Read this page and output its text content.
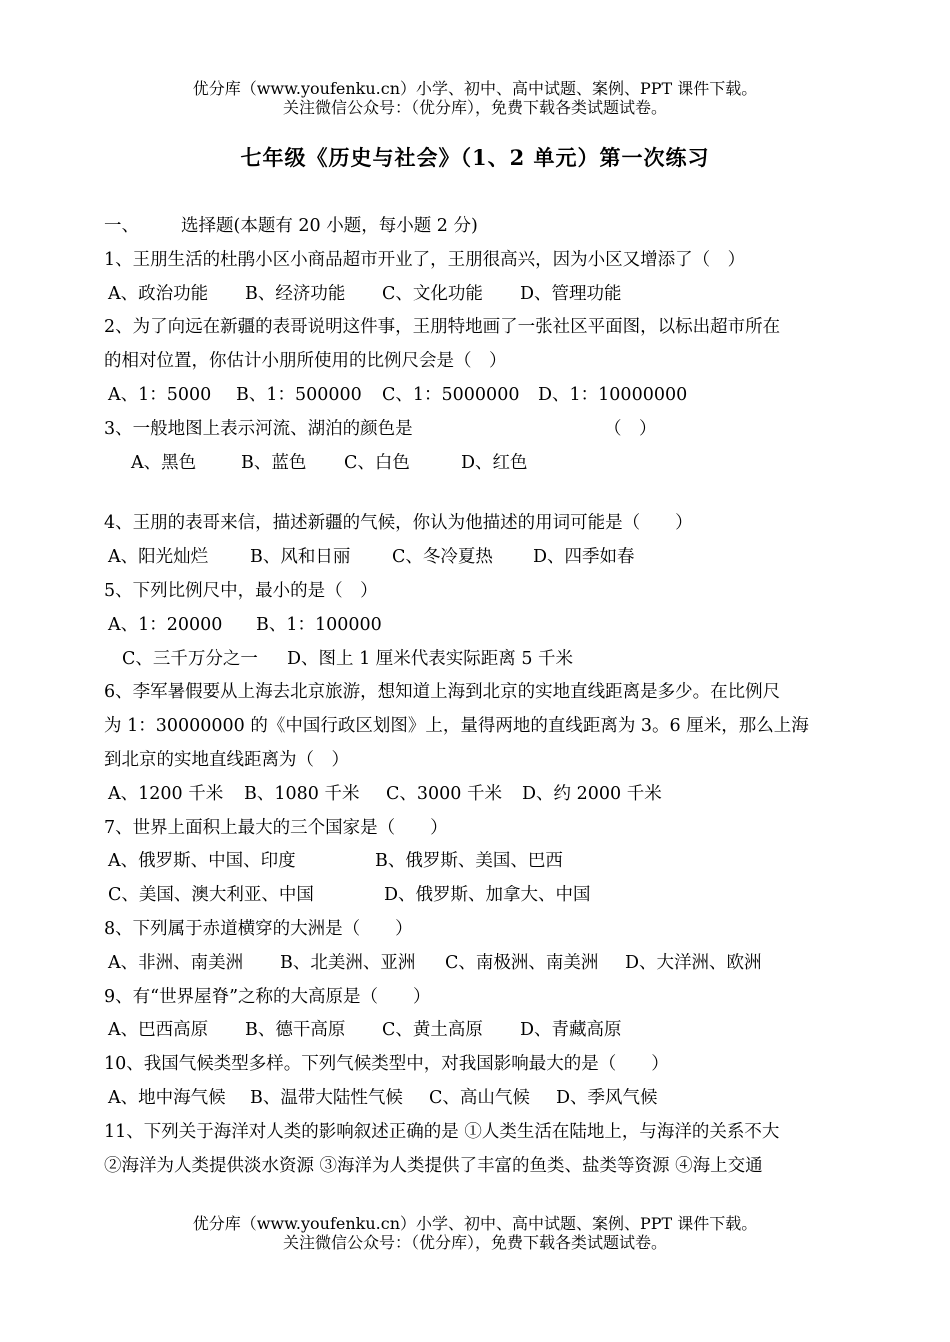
优分库（www.youfenku.cn）小学、初中、高中试题、案例、PPT 课件下载。
关注微信公众号：（优分库），免费下载各类试题试卷。
七年级《历史与社会》（1、2 单元）第一次练习
一、 选择题(本题有 20 小题，每小题 2 分)
1、王朋生活的杜鹃小区小商品超市开业了，王朋很高兴，因为小区又增添了（　）
A、政治功能 B、经济功能 C、文化功能 D、管理功能
2、为了向远在新疆的表哥说明这件事，王朋特地画了一张社区平面图，以标出超市所在
的相对位置，你估计小朋所使用的比例尺会是（　）
A、1：5000 B、1：500000 C、1：5000000 D、1：10000000
3、一般地图上表示河流、湖泊的颜色是	（　）
A、黑色	B、蓝色 C、白色	D、红色
4、王朋的表哥来信，描述新疆的气候，你认为他描述的用词可能是（　　）
A、阳光灿烂 B、风和日丽 C、冬冷夏热 D、四季如春
5、下列比例尺中，最小的是（　）
A、1：20000 B、1：100000
C、三千万分之一 D、图上 1 厘米代表实际距离 5 千米
6、李军暑假要从上海去北京旅游，想知道上海到北京的实地直线距离是多少。在比例尺
为 1：30000000 的《中国行政区划图》上，量得两地的直线距离为 3。6 厘米，那么上海
到北京的实地直线距离为（　）
A、1200 千米 B、1080 千米 C、3000 千米 D、约 2000 千米
7、世界上面积上最大的三个国家是（　　）
A、俄罗斯、中国、印度	B、俄罗斯、美国、巴西
C、美国、澳大利亚、中国	D、俄罗斯、加拿大、中国
8、下列属于赤道横穿的大洲是（　　）
A、非洲、南美洲 B、北美洲、亚洲 C、南极洲、南美洲 D、大洋洲、欧洲
9、有“世界屋脊”之称的大高原是（　　）
A、巴西高原 B、德干高原 C、黄土高原 D、青藏高原
10、我国气候类型多样。下列气候类型中，对我国影响最大的是（　　）
A、地中海气候 B、温带大陆性气候 C、高山气候 D、季风气候
11、下列关于海洋对人类的影响叙述正确的是 ①人类生活在陆地上，与海洋的关系不大
②海洋为人类提供淡水资源 ③海洋为人类提供了丰富的鱼类、盐类等资源 ④海上交通
优分库（www.youfenku.cn）小学、初中、高中试题、案例、PPT 课件下载。
关注微信公众号：（优分库），免费下载各类试题试卷。
